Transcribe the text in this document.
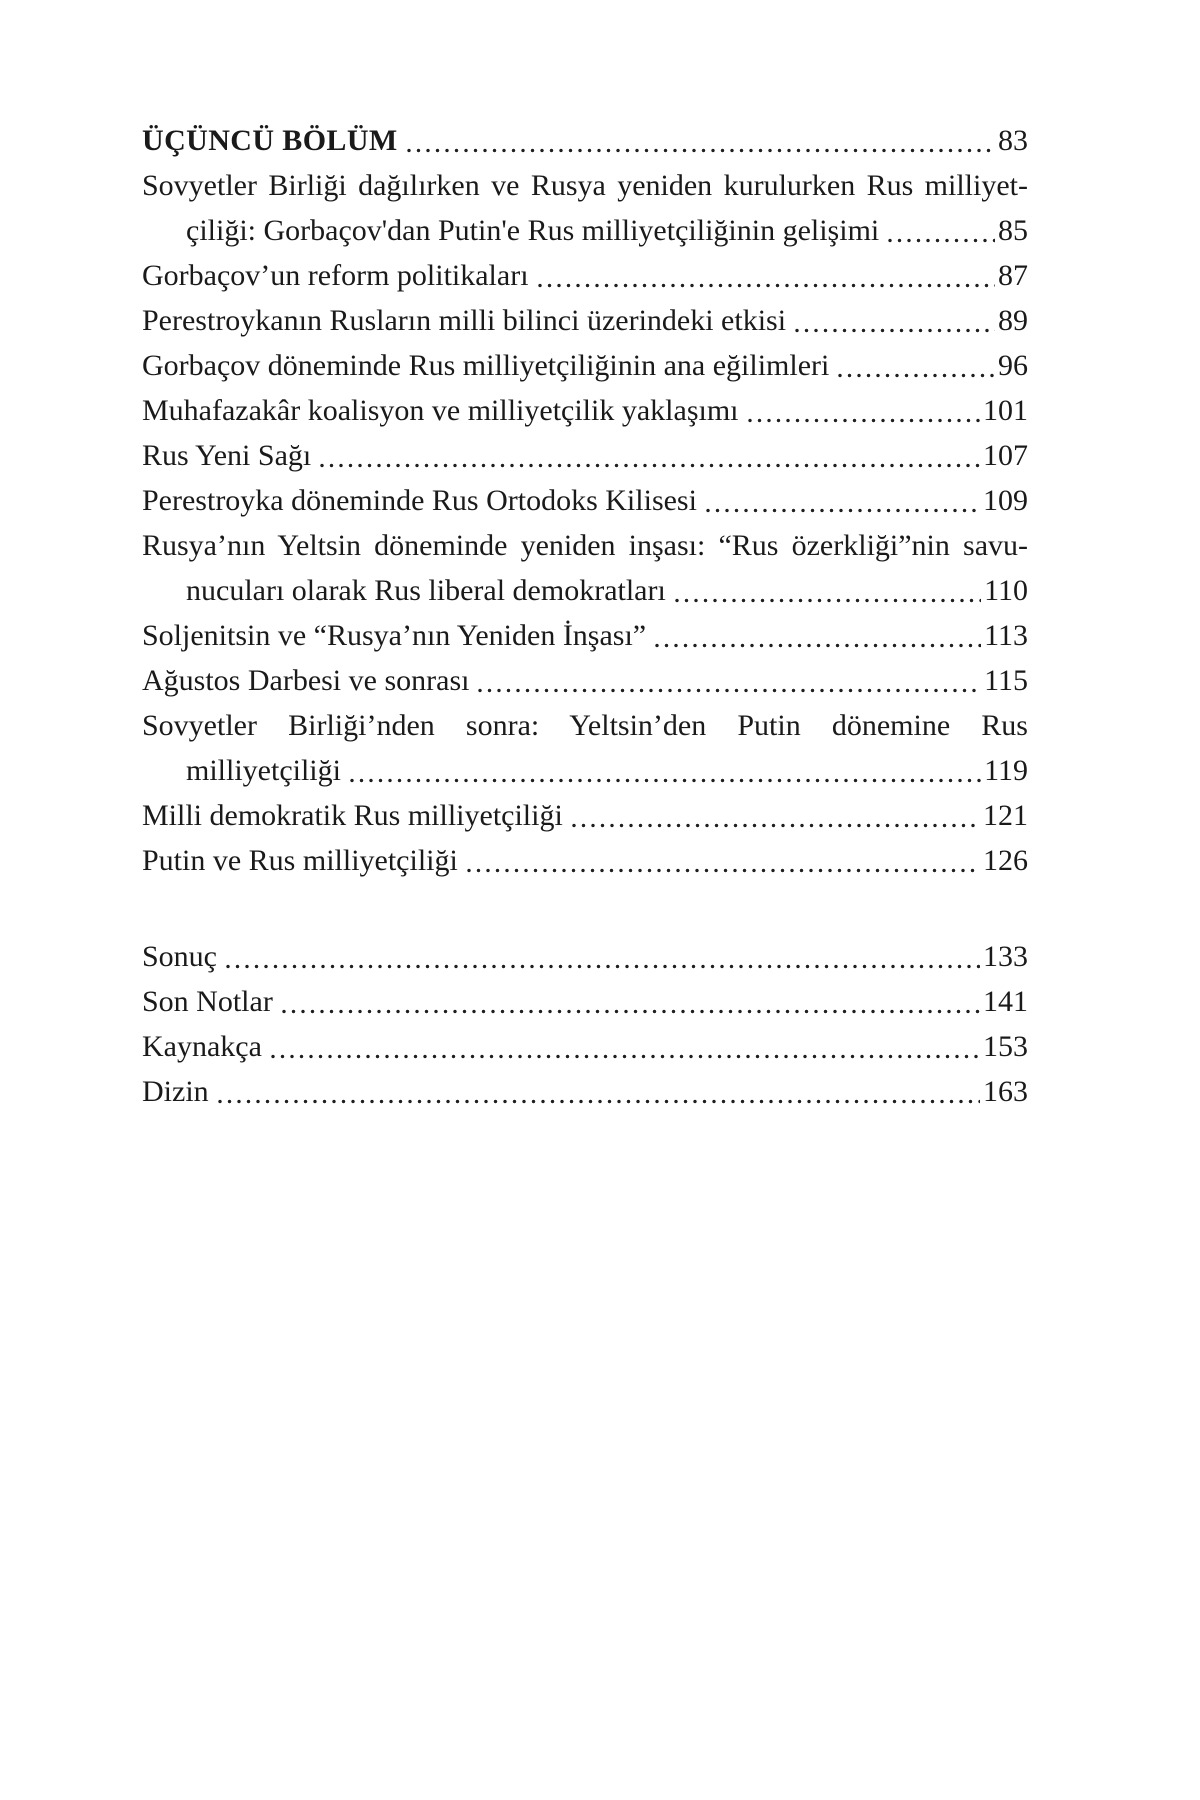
ÜÇÜNCÜ BÖLÜM	83
Sovyetler Birliği dağılırken ve Rusya yeniden kurulurken Rus milliyet-
çiliği: Gorbaçov'dan Putin'e Rus milliyetçiliğinin gelişimi	85
Gorbaçov’un reform politikaları	87
Perestroykanın Rusların milli bilinci üzerindeki etkisi	89
Gorbaçov döneminde Rus milliyetçiliğinin ana eğilimleri	96
Muhafazakâr koalisyon ve milliyetçilik yaklaşımı	101
Rus Yeni Sağı	107
Perestroyka döneminde Rus Ortodoks Kilisesi	109
Rusya’nın Yeltsin döneminde yeniden inşası: “Rus özerkliği”nin savu-
nucuları olarak Rus liberal demokratları	110
Soljenitsin ve “Rusya’nın Yeniden İnşası”	113
Ağustos Darbesi ve sonrası	115
Sovyetler Birliği’nden sonra: Yeltsin’den Putin dönemine Rus
milliyetçiliği	119
Milli demokratik Rus milliyetçiliği	121
Putin ve Rus milliyetçiliği	126
Sonuç	133
Son Notlar	141
Kaynakça	153
Dizin	163
